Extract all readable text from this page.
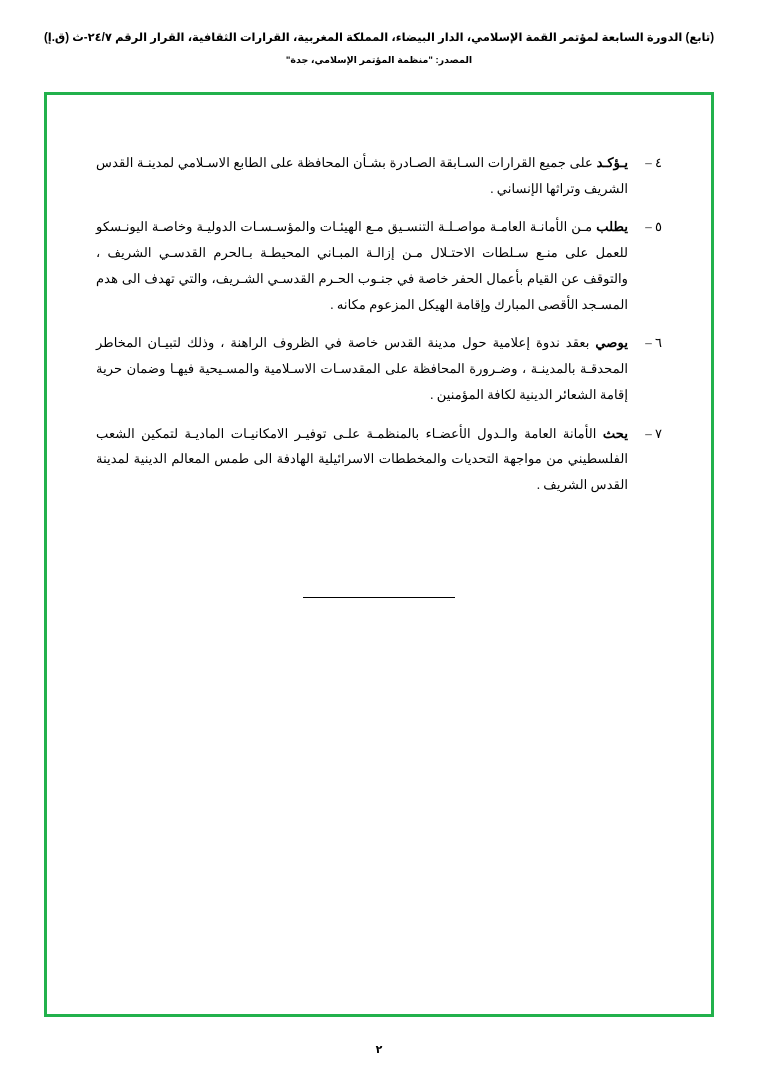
(تابع) الدورة السابعة لمؤتمر القمة الإسلامي، الدار البيضاء، المملكة المغربية، القرارات الثقافية، القرار الرقم ٢٤/٧-ث (ق.إ)
المصدر: "منظمة المؤتمر الإسلامي، جدة"
٤ –
يـؤكـد على جميع القرارات السـابقة الصـادرة بشـأن المحافظة على الطابع الاسـلامي لمدينـة القدس الشريف وتراثها الإنساني .
٥ –
يطلب مـن الأمانـة العامـة مواصـلـة التنسـيق مـع الهيئـات والمؤسـسـات الدوليـة وخاصـة اليونـسكو للعمل على منـع سـلطات الاحتـلال مـن إزالـة المبـاني المحيطـة بـالحرم القدسـي الشريف ، والتوقف عن القيام بأعمال الحفر خاصة في جنـوب الحـرم القدسـي الشـريف، والتي تهدف الى هدم المسـجد الأقصى المبارك وإقامة الهيكل المزعوم مكانه .
٦ –
يوصي بعقد ندوة إعلامية حول مدينة القدس خاصة في الظروف الراهنة ، وذلك لتبيـان المخاطر المحدقـة بالمدينـة ، وضـرورة المحافظة على المقدسـات الاسـلامية والمسـيحية فيهـا وضمان حرية إقامة الشعائر الدينية لكافة المؤمنين .
٧ –
يحث الأمانة العامة والـدول الأعضـاء بالمنظمـة علـى توفيـر الامكانيـات الماديـة لتمكين الشعب الفلسطيني من مواجهة التحديات والمخططات الاسرائيلية الهادفة الى طمس المعالم الدينية لمدينة القدس الشريف .
٢
